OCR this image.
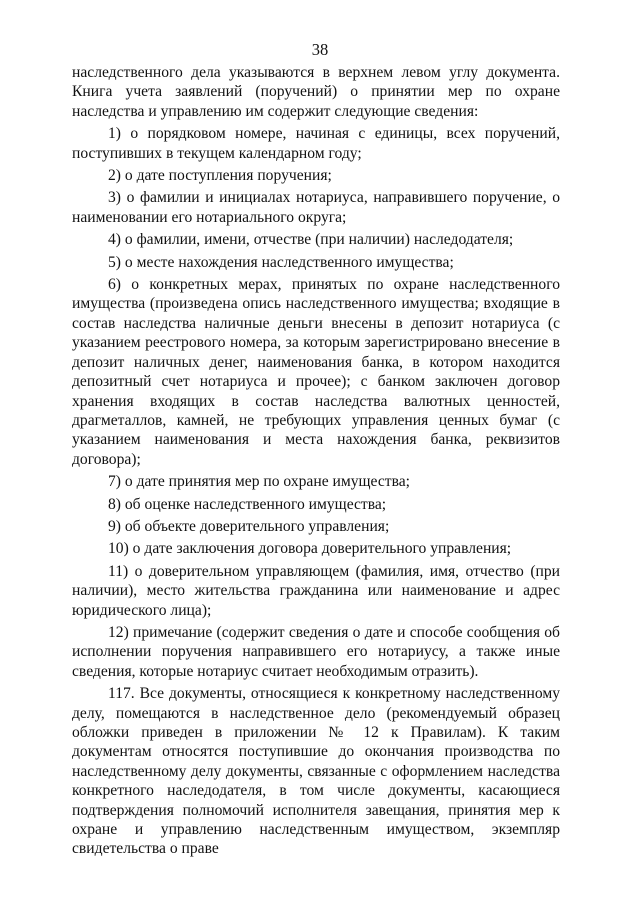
38

наследственного дела указываются в верхнем левом углу документа. Книга учета заявлений (поручений) о принятии мер по охране наследства и управлению им содержит следующие сведения:

1) о порядковом номере, начиная с единицы, всех поручений, поступивших в текущем календарном году;

2) о дате поступления поручения;

3) о фамилии и инициалах нотариуса, направившего поручение, о наименовании его нотариального округа;

4) о фамилии, имени, отчестве (при наличии) наследодателя;

5) о месте нахождения наследственного имущества;

6) о конкретных мерах, принятых по охране наследственного имущества (произведена опись наследственного имущества; входящие в состав наследства наличные деньги внесены в депозит нотариуса (с указанием реестрового номера, за которым зарегистрировано внесение в депозит наличных денег, наименования банка, в котором находится депозитный счет нотариуса и прочее); с банком заключен договор хранения входящих в состав наследства валютных ценностей, драгметаллов, камней, не требующих управления ценных бумаг (с указанием наименования и места нахождения банка, реквизитов договора);

7) о дате принятия мер по охране имущества;

8) об оценке наследственного имущества;

9) об объекте доверительного управления;

10) о дате заключения договора доверительного управления;

11) о доверительном управляющем (фамилия, имя, отчество (при наличии), место жительства гражданина или наименование и адрес юридического лица);

12) примечание (содержит сведения о дате и способе сообщения об исполнении поручения направившего его нотариусу, а также иные сведения, которые нотариус считает необходимым отразить).

117. Все документы, относящиеся к конкретному наследственному делу, помещаются в наследственное дело (рекомендуемый образец обложки приведен в приложении № 12 к Правилам). К таким документам относятся поступившие до окончания производства по наследственному делу документы, связанные с оформлением наследства конкретного наследодателя, в том числе документы, касающиеся подтверждения полномочий исполнителя завещания, принятия мер к охране и управлению наследственным имуществом, экземпляр свидетельства о праве
